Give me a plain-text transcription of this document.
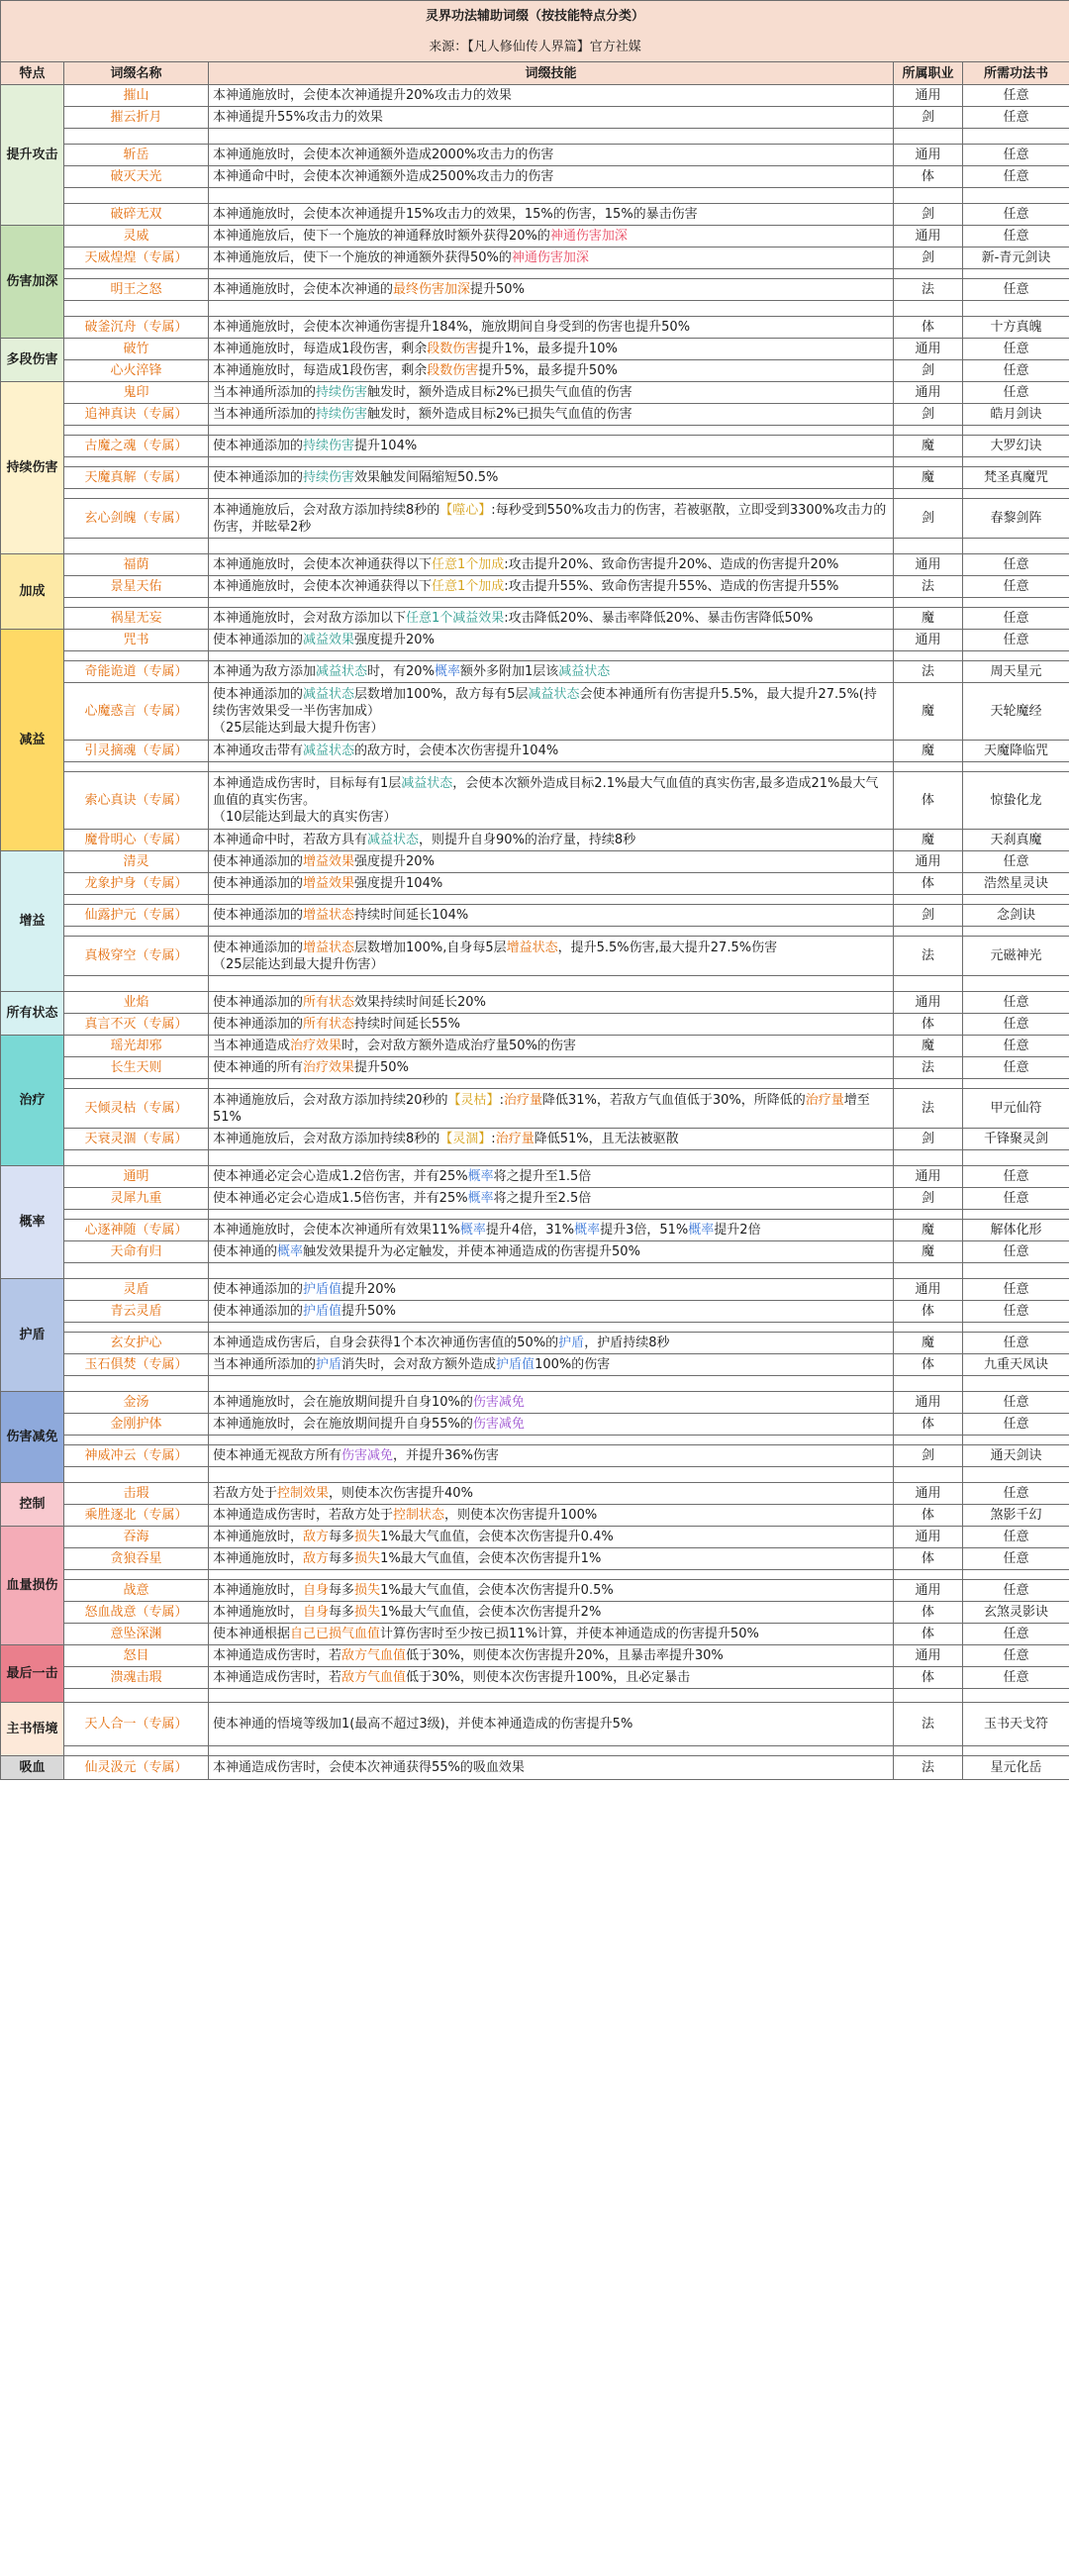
灵界功法辅助词缀（按技能特点分类）				
来源：【凡人修仙传人界篇】官方社媒				
特点	词缀名称	词缀技能	所属职业	所需功法书
提升攻击	摧山	本神通施放时，会使本次神通提升20%攻击力的效果	通用	任意
	摧云折月	本神通提升55%攻击力的效果	剑	任意

	斩岳	本神通施放时，会使本次神通额外造成2000%攻击力的伤害	通用	任意
	破灭天光	本神通命中时，会使本次神通额外造成2500%攻击力的伤害	体	任意

	破碎无双	本神通施放时，会使本次神通提升15%攻击力的效果，15%的伤害，15%的暴击伤害	剑	任意
伤害加深	灵威	本神通施放后，使下一个施放的神通释放时额外获得20%的神通伤害加深	通用	任意
	天威煌煌（专属）	本神通施放后，使下一个施放的神通额外获得50%的神通伤害加深	剑	新-青元剑诀

	明王之怒	本神通施放时，会使本次神通的最终伤害加深提升50%	法	任意

	破釜沉舟（专属）	本神通施放时，会使本次神通伤害提升184%，施放期间自身受到的伤害也提升50%	体	十方真魄
多段伤害	破竹	本神通施放时，每造成1段伤害，剩余段数伤害提升1%，最多提升10%	通用	任意
	心火淬锋	本神通施放时，每造成1段伤害，剩余段数伤害提升5%，最多提升50%	剑	任意
持续伤害	鬼印	当本神通所添加的持续伤害触发时，额外造成目标2%已损失气血值的伤害	通用	任意
	追神真诀（专属）	当本神通所添加的持续伤害触发时，额外造成目标2%已损失气血值的伤害	剑	皓月剑诀

	古魔之魂（专属）	使本神通添加的持续伤害提升104%	魔	大罗幻诀

	天魔真解（专属）	使本神通添加的持续伤害效果触发间隔缩短50.5%	魔	梵圣真魔咒

	玄心剑魄（专属）	本神通施放后，会对敌方添加持续8秒的【噬心】:每秒受到550%攻击力的伤害，若被驱散，立即受到3300%攻击力的伤害，并眩晕2秒	剑	春黎剑阵

加成	福荫	本神通施放时，会使本次神通获得以下任意1个加成:攻击提升20%、致命伤害提升20%、造成的伤害提升20%	通用	任意
	景星天佑	本神通施放时，会使本次神通获得以下任意1个加成:攻击提升55%、致命伤害提升55%、造成的伤害提升55%	法	任意

	祸星无妄	本神通施放时，会对敌方添加以下任意1个减益效果:攻击降低20%、暴击率降低20%、暴击伤害降低50%	魔	任意
减益	咒书	使本神通添加的减益效果强度提升20%	通用	任意

	奇能诡道（专属）	本神通为敌方添加减益状态时，有20%概率额外多附加1层该减益状态	法	周天星元
	心魔惑言（专属）	使本神通添加的减益状态层数增加100%，敌方每有5层减益状态会使本神通所有伤害提升5.5%，最大提升27.5%(持续伤害效果受一半伤害加成）
（25层能达到最大提升伤害）	魔	天轮魔经
	引灵摘魂（专属）	本神通攻击带有减益状态的敌方时，会使本次伤害提升104%	魔	天魔降临咒

	索心真诀（专属）	本神通造成伤害时，目标每有1层减益状态，会使本次额外造成目标2.1%最大气血值的真实伤害,最多造成21%最大气血值的真实伤害。
（10层能达到最大的真实伤害）	体	惊蛰化龙
	魔骨明心（专属）	本神通命中时，若敌方具有减益状态，则提升自身90%的治疗量，持续8秒	魔	天刹真魔
增益	清灵	使本神通添加的增益效果强度提升20%	通用	任意
	龙象护身（专属）	使本神通添加的增益效果强度提升104%	体	浩然星灵诀

	仙露护元（专属）	使本神通添加的增益状态持续时间延长104%	剑	念剑诀

	真极穿空（专属）	使本神通添加的增益状态层数增加100%,自身每5层增益状态，提升5.5%伤害,最大提升27.5%伤害
（25层能达到最大提升伤害）	法	元磁神光

所有状态	业焰	使本神通添加的所有状态效果持续时间延长20%	通用	任意
	真言不灭（专属）	使本神通添加的所有状态持续时间延长55%	体	任意
治疗	瑶光却邪	当本神通造成治疗效果时，会对敌方额外造成治疗量50%的伤害	魔	任意
	长生天则	使本神通的所有治疗效果提升50%	法	任意

	天倾灵枯（专属）	本神通施放后，会对敌方添加持续20秒的【灵枯】:治疗量降低31%，若敌方气血值低于30%，所降低的治疗量增至51%	法	甲元仙符
	天衰灵涸（专属）	本神通施放后，会对敌方添加持续8秒的【灵涸】:治疗量降低51%，且无法被驱散	剑	千锋聚灵剑

概率	通明	使本神通必定会心造成1.2倍伤害，并有25%概率将之提升至1.5倍	通用	任意
	灵犀九重	使本神通必定会心造成1.5倍伤害，并有25%概率将之提升至2.5倍	剑	任意

	心逐神随（专属）	本神通施放时，会使本次神通所有效果11%概率提升4倍，31%概率提升3倍，51%概率提升2倍	魔	解体化形
	天命有归	使本神通的概率触发效果提升为必定触发，并使本神通造成的伤害提升50%	魔	任意

护盾	灵盾	使本神通添加的护盾值提升20%	通用	任意
	青云灵盾	使本神通添加的护盾值提升50%	体	任意

	玄女护心	本神通造成伤害后，自身会获得1个本次神通伤害值的50%的护盾，护盾持续8秒	魔	任意
	玉石俱焚（专属）	当本神通所添加的护盾消失时，会对敌方额外造成护盾值100%的伤害	体	九重天凤诀

伤害减免	金汤	本神通施放时，会在施放期间提升自身10%的伤害减免	通用	任意
	金刚护体	本神通施放时，会在施放期间提升自身55%的伤害减免	体	任意

	神威冲云（专属）	使本神通无视敌方所有伤害减免，并提升36%伤害	剑	通天剑诀

控制	击瑕	若敌方处于控制效果，则使本次伤害提升40%	通用	任意
	乘胜逐北（专属）	本神通造成伤害时，若敌方处于控制状态，则使本次伤害提升100%	体	煞影千幻
血量损伤	吞海	本神通施放时，敌方每多损失1%最大气血值，会使本次伤害提升0.4%	通用	任意
	贪狼吞星	本神通施放时，敌方每多损失1%最大气血值，会使本次伤害提升1%	体	任意

	战意	本神通施放时，自身每多损失1%最大气血值，会使本次伤害提升0.5%	通用	任意
	怒血战意（专属）	本神通施放时，自身每多损失1%最大气血值，会使本次伤害提升2%	体	玄煞灵影诀
	意坠深渊	使本神通根据自己已损气血值计算伤害时至少按已损11%计算，并使本神通造成的伤害提升50%	体	任意
最后一击	怒目	本神通造成伤害时，若敌方气血值低于30%，则使本次伤害提升20%，且暴击率提升30%	通用	任意
	溃魂击瑕	本神通造成伤害时，若敌方气血值低于30%，则使本次伤害提升100%，且必定暴击	体	任意

主书悟境	天人合一（专属）	使本神通的悟境等级加1(最高不超过3级)，并使本神通造成的伤害提升5%	法	玉书天戈符

吸血	仙灵汲元（专属）	本神通造成伤害时，会使本次神通获得55%的吸血效果	法	星元化岳
